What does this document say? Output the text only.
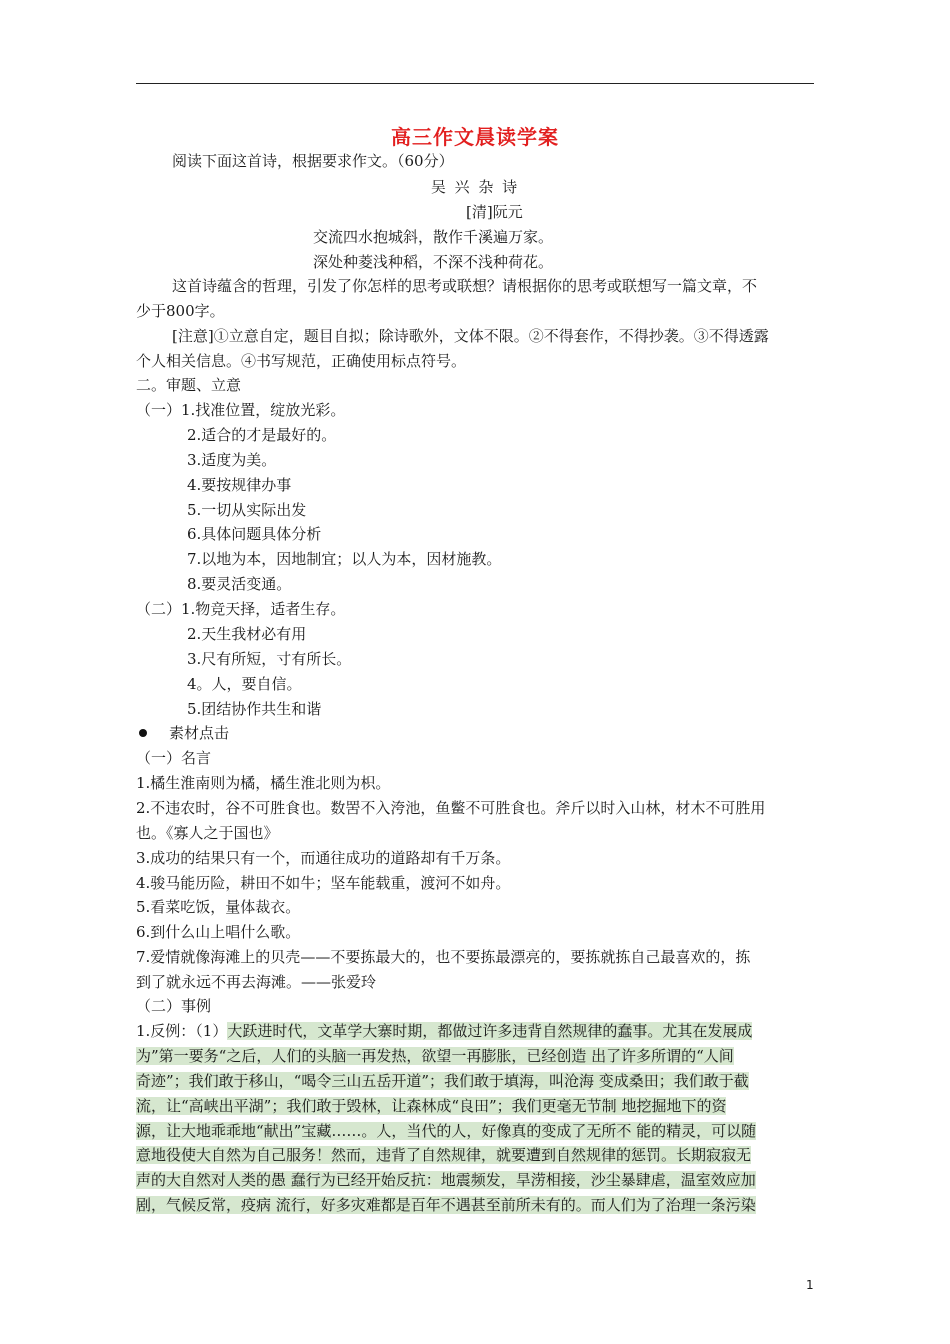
高三作文晨读学案
阅读下面这首诗，根据要求作文。（60分）
吴 兴 杂 诗
[清]阮元
交流四水抱城斜，散作千溪遍万家。
深处种菱浅种稻，不深不浅种荷花。
这首诗蕴含的哲理，引发了你怎样的思考或联想？请根据你的思考或联想写一篇文章，不
少于800字。
[注意]①立意自定，题目自拟；除诗歌外，文体不限。②不得套作，不得抄袭。③不得透露
个人相关信息。④书写规范，正确使用标点符号。
二。审题、立意
（一）1.找准位置，绽放光彩。
2.适合的才是最好的。
3.适度为美。
4.要按规律办事
5.一切从实际出发
6.具体问题具体分析
7.以地为本，因地制宜；以人为本，因材施教。
8.要灵活变通。
（二）1.物竞天择，适者生存。
2.天生我材必有用
3.尺有所短，寸有所长。
4。人，要自信。
5.团结协作共生和谐
素材点击
（一）名言
1.橘生淮南则为橘，橘生淮北则为枳。
2.不违农时，谷不可胜食也。数罟不入洿池，鱼鳖不可胜食也。斧斤以时入山林，材木不可胜用
也。《寡人之于国也》
3.成功的结果只有一个，而通往成功的道路却有千万条。
4.骏马能历险，耕田不如牛；坚车能载重，渡河不如舟。
5.看菜吃饭，量体裁衣。
6.到什么山上唱什么歌。
7.爱情就像海滩上的贝壳——不要拣最大的，也不要拣最漂亮的，要拣就拣自己最喜欢的，拣
到了就永远不再去海滩。——张爱玲
（二）事例
1.反例：（1）大跃进时代，文革学大寨时期，都做过许多违背自然规律的蠢事。尤其在发展成
为”第一要务“之后，人们的头脑一再发热，欲望一再膨胀，已经创造 出了许多所谓的“人间
奇迹”；我们敢于移山，“喝令三山五岳开道”；我们敢于填海，叫沧海 变成桑田；我们敢于截
流，让“高峡出平湖”；我们敢于毁林，让森林成“良田”；我们更毫无节制 地挖掘地下的资
源，让大地乖乖地“献出”宝藏……。人，当代的人，好像真的变成了无所不 能的精灵，可以随
意地役使大自然为自己服务！然而，违背了自然规律，就要遭到自然规律的惩罚。长期寂寂无
声的大自然对人类的愚 蠢行为已经开始反抗：地震频发，旱涝相接，沙尘暴肆虐，温室效应加
剧，气候反常，疫病 流行，好多灾难都是百年不遇甚至前所未有的。而人们为了治理一条污染
1
